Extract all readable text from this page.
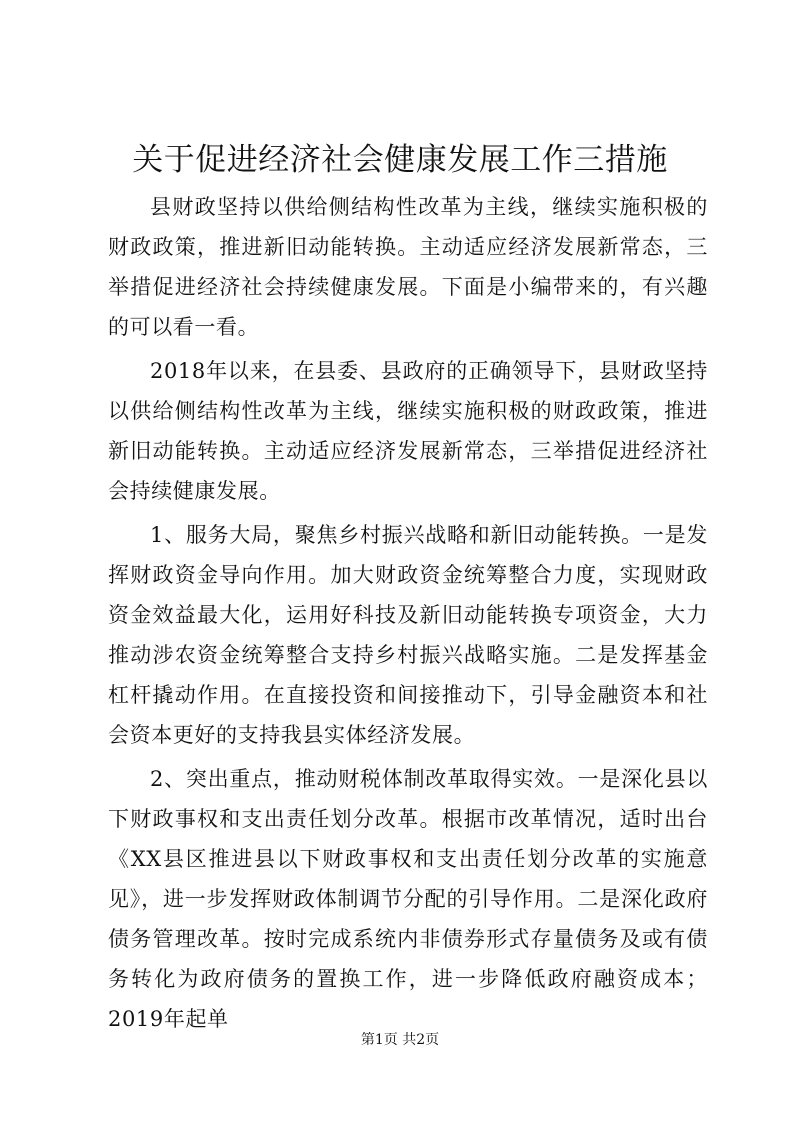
关于促进经济社会健康发展工作三措施

县财政坚持以供给侧结构性改革为主线，继续实施积极的财政政策，推进新旧动能转换。主动适应经济发展新常态，三举措促进经济社会持续健康发展。下面是小编带来的，有兴趣的可以看一看。

2018年以来，在县委、县政府的正确领导下，县财政坚持以供给侧结构性改革为主线，继续实施积极的财政政策，推进新旧动能转换。主动适应经济发展新常态，三举措促进经济社会持续健康发展。

1、服务大局，聚焦乡村振兴战略和新旧动能转换。一是发挥财政资金导向作用。加大财政资金统筹整合力度，实现财政资金效益最大化，运用好科技及新旧动能转换专项资金，大力推动涉农资金统筹整合支持乡村振兴战略实施。二是发挥基金杠杆撬动作用。在直接投资和间接推动下，引导金融资本和社会资本更好的支持我县实体经济发展。

2、突出重点，推动财税体制改革取得实效。一是深化县以下财政事权和支出责任划分改革。根据市改革情况，适时出台《XX县区推进县以下财政事权和支出责任划分改革的实施意见》，进一步发挥财政体制调节分配的引导作用。二是深化政府债务管理改革。按时完成系统内非债券形式存量债务及或有债务转化为政府债务的置换工作，进一步降低政府融资成本；2019年起单

第1页 共2页
